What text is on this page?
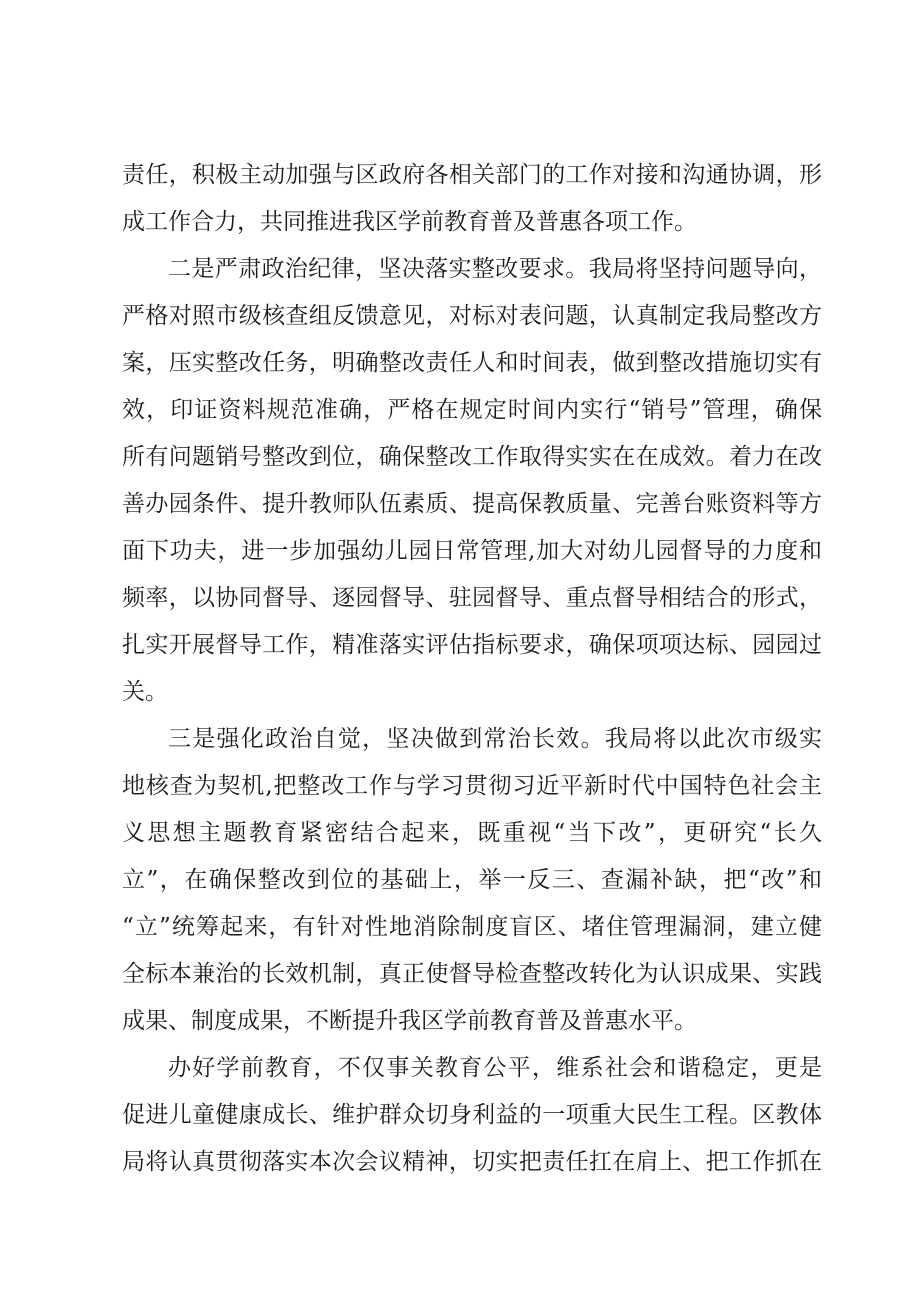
责任，积极主动加强与区政府各相关部门的工作对接和沟通协调，形
成工作合力，共同推进我区学前教育普及普惠各项工作。
二是严肃政治纪律，坚决落实整改要求。我局将坚持问题导向，
严格对照市级核查组反馈意见，对标对表问题，认真制定我局整改方
案，压实整改任务，明确整改责任人和时间表，做到整改措施切实有
效，印证资料规范准确，严格在规定时间内实行“销号”管理，确保
所有问题销号整改到位，确保整改工作取得实实在在成效。着力在改
善办园条件、提升教师队伍素质、提高保教质量、完善台账资料等方
面下功夫，进一步加强幼儿园日常管理,加大对幼儿园督导的力度和
频率，以协同督导、逐园督导、驻园督导、重点督导相结合的形式，
扎实开展督导工作，精准落实评估指标要求，确保项项达标、园园过
关。
三是强化政治自觉，坚决做到常治长效。我局将以此次市级实
地核查为契机,把整改工作与学习贯彻习近平新时代中国特色社会主
义思想主题教育紧密结合起来，既重视“当下改”，更研究“长久
立”，在确保整改到位的基础上，举一反三、查漏补缺，把“改”和
“立”统筹起来，有针对性地消除制度盲区、堵住管理漏洞，建立健
全标本兼治的长效机制，真正使督导检查整改转化为认识成果、实践
成果、制度成果，不断提升我区学前教育普及普惠水平。
办好学前教育，不仅事关教育公平，维系社会和谐稳定，更是
促进儿童健康成长、维护群众切身利益的一项重大民生工程。区教体
局将认真贯彻落实本次会议精神，切实把责任扛在肩上、把工作抓在
